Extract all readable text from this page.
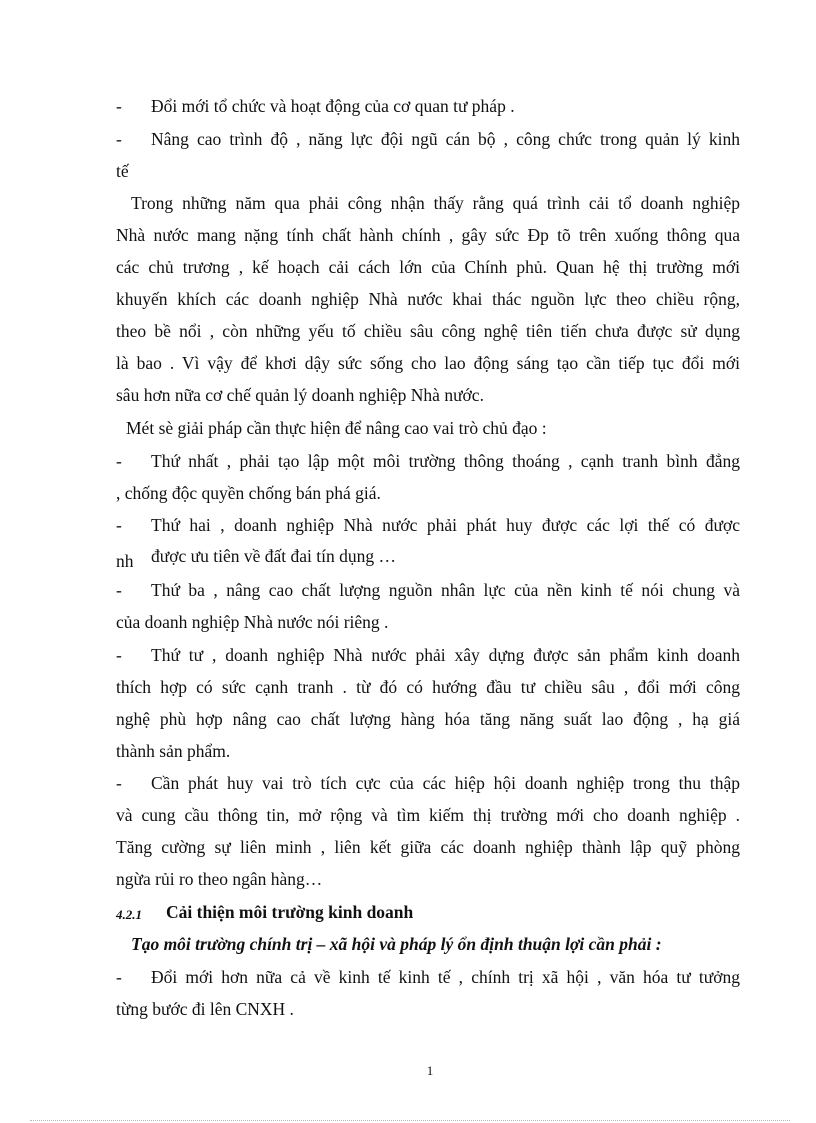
- Đổi mới tổ chức và hoạt động của cơ quan tư pháp .
- Nâng cao trình độ , năng lực đội ngũ cán bộ , công chức trong quản lý kinh
tế
Trong những năm qua phải công nhận thấy rằng quá trình cải tổ doanh nghiệp
Nhà nước mang nặng tính chất hành chính , gây sức Ðp tõ trên xuống thông qua
các chủ trương , kế hoạch cải cách lớn của Chính phủ. Quan hệ thị trường mới
khuyến khích các doanh nghiệp Nhà nước khai thác nguồn lực theo chiều rộng,
theo bề nổi , còn những yếu tố chiều sâu công nghệ tiên tiến chưa được sử dụng
là bao . Vì vậy để khơi dậy sức sống cho lao động sáng tạo cần tiếp tục đổi mới
sâu hơn nữa cơ chế quản lý doanh nghiệp Nhà nước.
Mét sè giải pháp cần thực hiện để nâng cao vai trò chủ đạo :
- Thứ nhất , phải tạo lập một môi trường thông thoáng , cạnh tranh bình đẳng
, chống độc quyền chống bán phá giá.
- Thứ hai , doanh nghiệp Nhà nước phải phát huy được các lợi thế có được
nh	được ưu tiên về đất đai tín dụng …
- Thứ ba , nâng cao chất lượng nguồn nhân lực của nền kinh tế nói chung và
của doanh nghiệp Nhà nước nói riêng .
- Thứ tư , doanh nghiệp Nhà nước phải xây dựng được sản phẩm kinh doanh
thích hợp có sức cạnh tranh . từ đó có hướng đầu tư chiều sâu , đổi mới công
nghệ phù hợp nâng cao chất lượng hàng hóa tăng năng suất lao động , hạ giá
thành sản phẩm.
- Cần phát huy vai trò tích cực của các hiệp hội doanh nghiệp trong thu thập
và cung cầu thông tin, mở rộng và tìm kiếm thị trường mới cho doanh nghiệp .
Tăng cường sự liên minh , liên kết giữa các doanh nghiệp thành lập quỹ phòng
ngừa rủi ro theo ngân hàng…
4.2.1 Cải thiện môi trường kinh doanh
Tạo môi trường chính trị – xã hội và pháp lý ổn định thuận lợi cần phải :
- Đổi mới hơn nữa cả về kinh tế kinh tế , chính trị xã hội , văn hóa tư tưởng
từng bước đi lên CNXH .
1
